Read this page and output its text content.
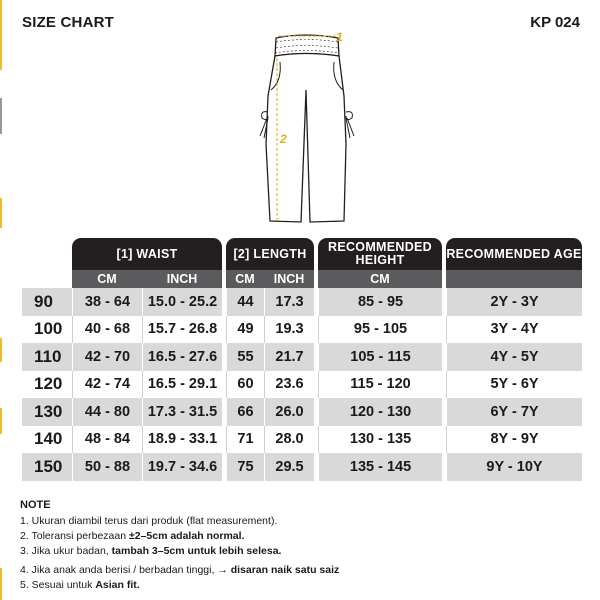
SIZE CHART	KP 024
1
2
	[1] WAIST			[2] LENGTH			RECOMMENDED HEIGHT		RECOMMENDED AGE
	CM	INCH		CM	INCH		CM		
90	38 - 64	15.0 - 25.2		44	17.3		85 - 95		2Y - 3Y
100	40 - 68	15.7 - 26.8		49	19.3		95 - 105		3Y - 4Y
110	42 - 70	16.5 - 27.6		55	21.7		105 - 115		4Y - 5Y
120	42 - 74	16.5 - 29.1		60	23.6		115 - 120		5Y - 6Y
130	44 - 80	17.3 - 31.5		66	26.0		120 - 130		6Y - 7Y
140	48 - 84	18.9 - 33.1		71	28.0		130 - 135		8Y - 9Y
150	50 - 88	19.7 - 34.6		75	29.5		135 - 145		9Y - 10Y
NOTE
1. Ukuran diambil terus dari produk (flat measurement).
2. Toleransi perbezaan ±2–5cm adalah normal.
3. Jika ukur badan, tambah 3–5cm untuk lebih selesa.
4. Jika anak anda berisi / berbadan tinggi, → disaran naik satu saiz
5. Sesuai untuk Asian fit.
